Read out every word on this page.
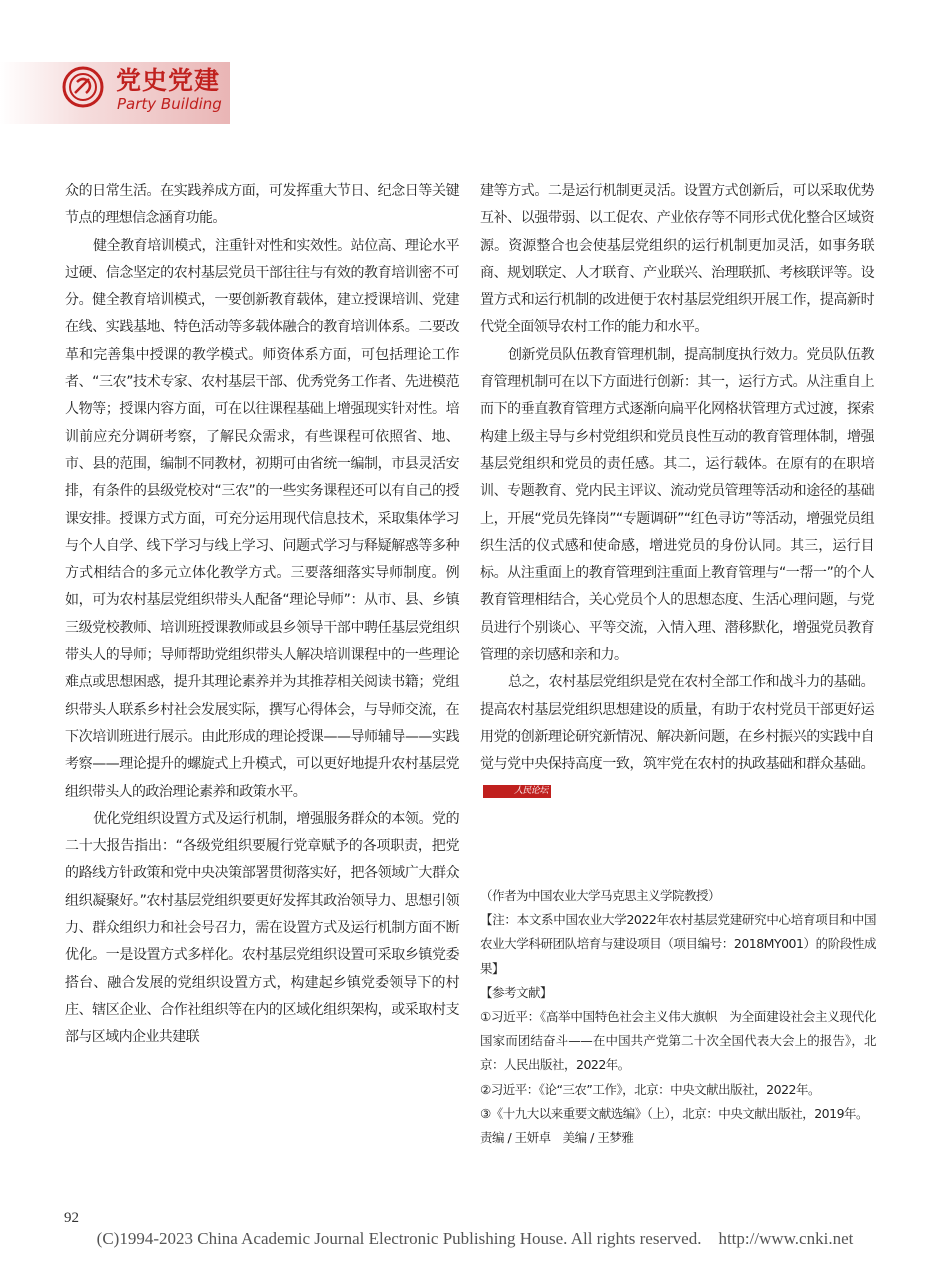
党史党建
Party Building

众的日常生活。在实践养成方面，可发挥重大节日、纪念日等关键节点的理想信念涵育功能。

健全教育培训模式，注重针对性和实效性。站位高、理论水平过硬、信念坚定的农村基层党员干部往往与有效的教育培训密不可分。健全教育培训模式，一要创新教育载体，建立授课培训、党建在线、实践基地、特色活动等多载体融合的教育培训体系。二要改革和完善集中授课的教学模式。师资体系方面，可包括理论工作者、“三农”技术专家、农村基层干部、优秀党务工作者、先进模范人物等；授课内容方面，可在以往课程基础上增强现实针对性。培训前应充分调研考察，了解民众需求，有些课程可依照省、地、市、县的范围，编制不同教材，初期可由省统一编制，市县灵活安排，有条件的县级党校对“三农”的一些实务课程还可以有自己的授课安排。授课方式方面，可充分运用现代信息技术，采取集体学习与个人自学、线下学习与线上学习、问题式学习与释疑解惑等多种方式相结合的多元立体化教学方式。三要落细落实导师制度。例如，可为农村基层党组织带头人配备“理论导师”：从市、县、乡镇三级党校教师、培训班授课教师或县乡领导干部中聘任基层党组织带头人的导师；导师帮助党组织带头人解决培训课程中的一些理论难点或思想困惑，提升其理论素养并为其推荐相关阅读书籍；党组织带头人联系乡村社会发展实际，撰写心得体会，与导师交流，在下次培训班进行展示。由此形成的理论授课——导师辅导——实践考察——理论提升的螺旋式上升模式，可以更好地提升农村基层党组织带头人的政治理论素养和政策水平。

优化党组织设置方式及运行机制，增强服务群众的本领。党的二十大报告指出：“各级党组织要履行党章赋予的各项职责，把党的路线方针政策和党中央决策部署贯彻落实好，把各领域广大群众组织凝聚好。”农村基层党组织要更好发挥其政治领导力、思想引领力、群众组织力和社会号召力，需在设置方式及运行机制方面不断优化。一是设置方式多样化。农村基层党组织设置可采取乡镇党委搭台、融合发展的党组织设置方式，构建起乡镇党委领导下的村庄、辖区企业、合作社组织等在内的区域化组织架构，或采取村支部与区域内企业共建联

建等方式。二是运行机制更灵活。设置方式创新后，可以采取优势互补、以强带弱、以工促农、产业依存等不同形式优化整合区域资源。资源整合也会使基层党组织的运行机制更加灵活，如事务联商、规划联定、人才联育、产业联兴、治理联抓、考核联评等。设置方式和运行机制的改进便于农村基层党组织开展工作，提高新时代党全面领导农村工作的能力和水平。

创新党员队伍教育管理机制，提高制度执行效力。党员队伍教育管理机制可在以下方面进行创新：其一，运行方式。从注重自上而下的垂直教育管理方式逐渐向扁平化网格状管理方式过渡，探索构建上级主导与乡村党组织和党员良性互动的教育管理体制，增强基层党组织和党员的责任感。其二，运行载体。在原有的在职培训、专题教育、党内民主评议、流动党员管理等活动和途径的基础上，开展“党员先锋岗”“专题调研”“红色寻访”等活动，增强党员组织生活的仪式感和使命感，增进党员的身份认同。其三，运行目标。从注重面上的教育管理到注重面上教育管理与“一帮一”的个人教育管理相结合，关心党员个人的思想态度、生活心理问题，与党员进行个别谈心、平等交流，入情入理、潜移默化，增强党员教育管理的亲切感和亲和力。

总之，农村基层党组织是党在农村全部工作和战斗力的基础。提高农村基层党组织思想建设的质量，有助于农村党员干部更好运用党的创新理论研究新情况、解决新问题，在乡村振兴的实践中自觉与党中央保持高度一致，筑牢党在农村的执政基础和群众基础。人民论坛

（作者为中国农业大学马克思主义学院教授）

【注：本文系中国农业大学2022年农村基层党建研究中心培育项目和中国农业大学科研团队培育与建设项目（项目编号：2018MY001）的阶段性成果】

【参考文献】

①习近平：《高举中国特色社会主义伟大旗帜　为全面建设社会主义现代化国家而团结奋斗——在中国共产党第二十次全国代表大会上的报告》，北京：人民出版社，2022年。

②习近平：《论“三农”工作》，北京：中央文献出版社，2022年。

③《十九大以来重要文献选编》（上），北京：中央文献出版社，2019年。

责编 / 王妍卓　美编 / 王梦雅

92
(C)1994-2023 China Academic Journal Electronic Publishing House. All rights reserved.    http://www.cnki.net
